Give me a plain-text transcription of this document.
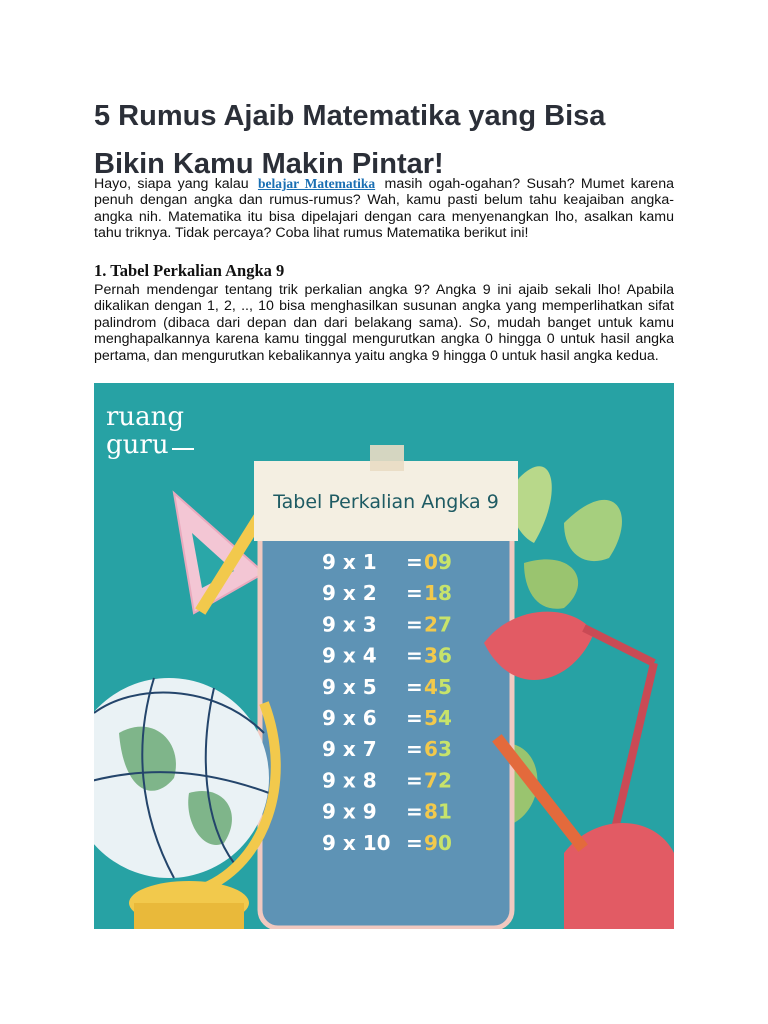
5 Rumus Ajaib Matematika yang Bisa Bikin Kamu Makin Pintar!

Hayo, siapa yang kalau belajar Matematika masih ogah-ogahan? Susah? Mumet karena penuh dengan angka dan rumus-rumus? Wah, kamu pasti belum tahu keajaiban angka-angka nih. Matematika itu bisa dipelajari dengan cara menyenangkan lho, asalkan kamu tahu triknya. Tidak percaya? Coba lihat rumus Matematika berikut ini!

1. Tabel Perkalian Angka 9

Pernah mendengar tentang trik perkalian angka 9? Angka 9 ini ajaib sekali lho! Apabila dikalikan dengan 1, 2, .., 10 bisa menghasilkan susunan angka yang memperlihatkan sifat palindrom (dibaca dari depan dan dari belakang sama). So, mudah banget untuk kamu menghapalkannya karena kamu tinggal mengurutkan angka 0 hingga 0 untuk hasil angka pertama, dan mengurutkan kebalikannya yaitu angka 9 hingga 0 untuk hasil angka kedua.

ruang
guru
Tabel Perkalian Angka 9
9 x 1 = 0 9
9 x 2 = 1 8
9 x 3 = 2 7
9 x 4 = 3 6
9 x 5 = 4 5
9 x 6 = 5 4
9 x 7 = 6 3
9 x 8 = 7 2
9 x 9 = 8 1
9 x 10 = 9 0
